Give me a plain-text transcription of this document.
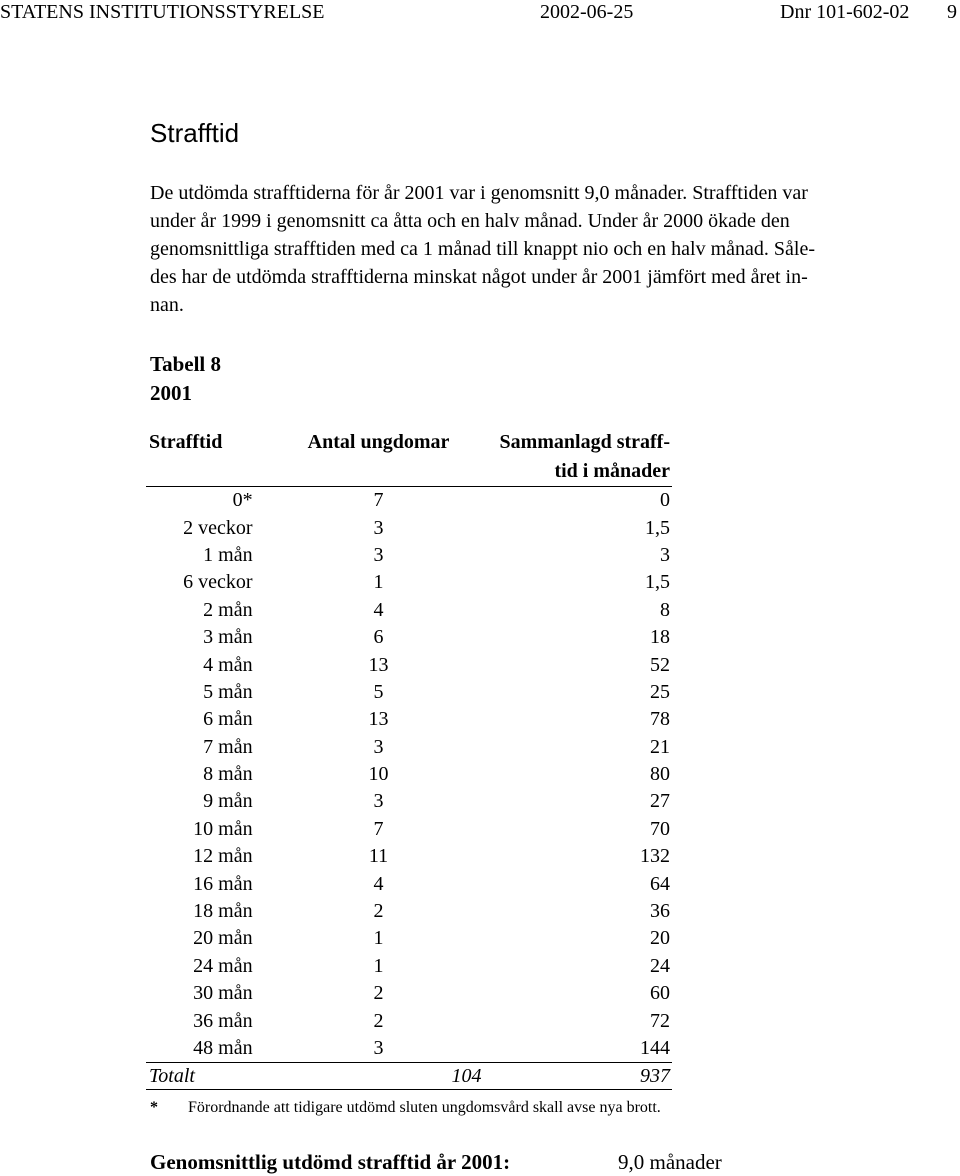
STATENS INSTITUTIONSSTYRELSE	2002-06-25	Dnr 101-602-02 9
Strafftid
De utdömda strafftiderna för år 2001 var i genomsnitt 9,0 månader. Strafftiden var
under år 1999 i genomsnitt ca åtta och en halv månad. Under år 2000 ökade den
genomsnittliga strafftiden med ca 1 månad till knappt nio och en halv månad. Såle-
des har de utdömda strafftiderna minskat något under år 2001 jämfört med året in-
nan.
Tabell 8
2001
Strafftid	Antal ungdomar	Sammanlagd straff-
tid i månader
0*	7	0
2 veckor	3	1,5
1 mån	3	3
6 veckor	1	1,5
2 mån	4	8
3 mån	6	18
4 mån	13	52
5 mån	5	25
6 mån	13	78
7 mån	3	21
8 mån	10	80
9 mån	3	27
10 mån	7	70
12 mån	11	132
16 mån	4	64
18 mån	2	36
20 mån	1	20
24 mån	1	24
30 mån	2	60
36 mån	2	72
48 mån	3	144
Totalt	104	937
* Förordnande att tidigare utdömd sluten ungdomsvård skall avse nya brott.
Genomsnittlig utdömd strafftid år 2001:	9,0 månader
